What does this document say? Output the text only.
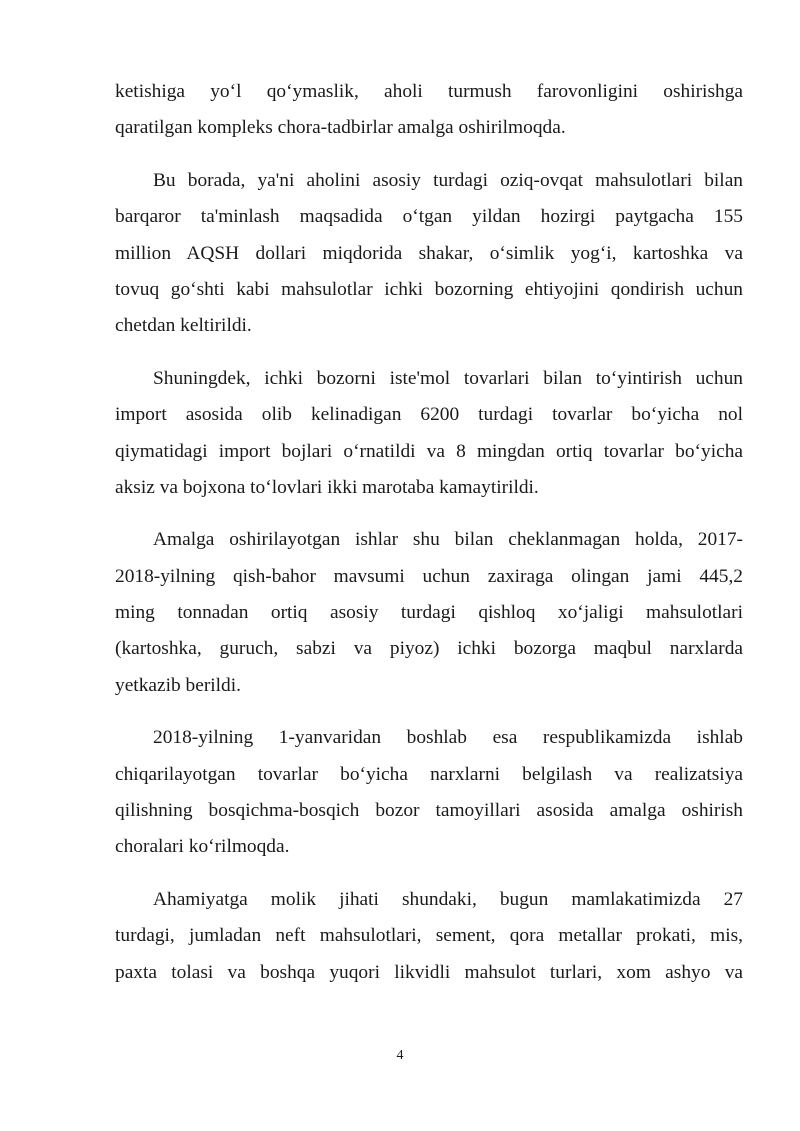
ketishiga yo‘l qo‘ymaslik, aholi turmush farovonligini oshirishga
qaratilgan kompleks chora-tadbirlar amalga oshirilmoqda.
Bu borada, ya'ni aholini asosiy turdagi oziq-ovqat mahsulotlari bilan
barqaror ta'minlash maqsadida o‘tgan yildan hozirgi paytgacha 155
million AQSH dollari miqdorida shakar, o‘simlik yog‘i, kartoshka va
tovuq go‘shti kabi mahsulotlar ichki bozorning ehtiyojini qondirish uchun
chetdan keltirildi.
Shuningdek, ichki bozorni iste'mol tovarlari bilan to‘yintirish uchun
import asosida olib kelinadigan 6200 turdagi tovarlar bo‘yicha nol
qiymatidagi import bojlari o‘rnatildi va 8 mingdan ortiq tovarlar bo‘yicha
aksiz va bojxona to‘lovlari ikki marotaba kamaytirildi.
Amalga oshirilayotgan ishlar shu bilan cheklanmagan holda, 2017-
2018-yilning qish-bahor mavsumi uchun zaxiraga olingan jami 445,2
ming tonnadan ortiq asosiy turdagi qishloq xo‘jaligi mahsulotlari
(kartoshka, guruch, sabzi va piyoz) ichki bozorga maqbul narxlarda
yetkazib berildi.
2018-yilning 1-yanvaridan boshlab esa respublikamizda ishlab
chiqarilayotgan tovarlar bo‘yicha narxlarni belgilash va realizatsiya
qilishning bosqichma-bosqich bozor tamoyillari asosida amalga oshirish
choralari ko‘rilmoqda.
Ahamiyatga molik jihati shundaki, bugun mamlakatimizda 27
turdagi, jumladan neft mahsulotlari, sement, qora metallar prokati, mis,
paxta tolasi va boshqa yuqori likvidli mahsulot turlari, xom ashyo va
4
